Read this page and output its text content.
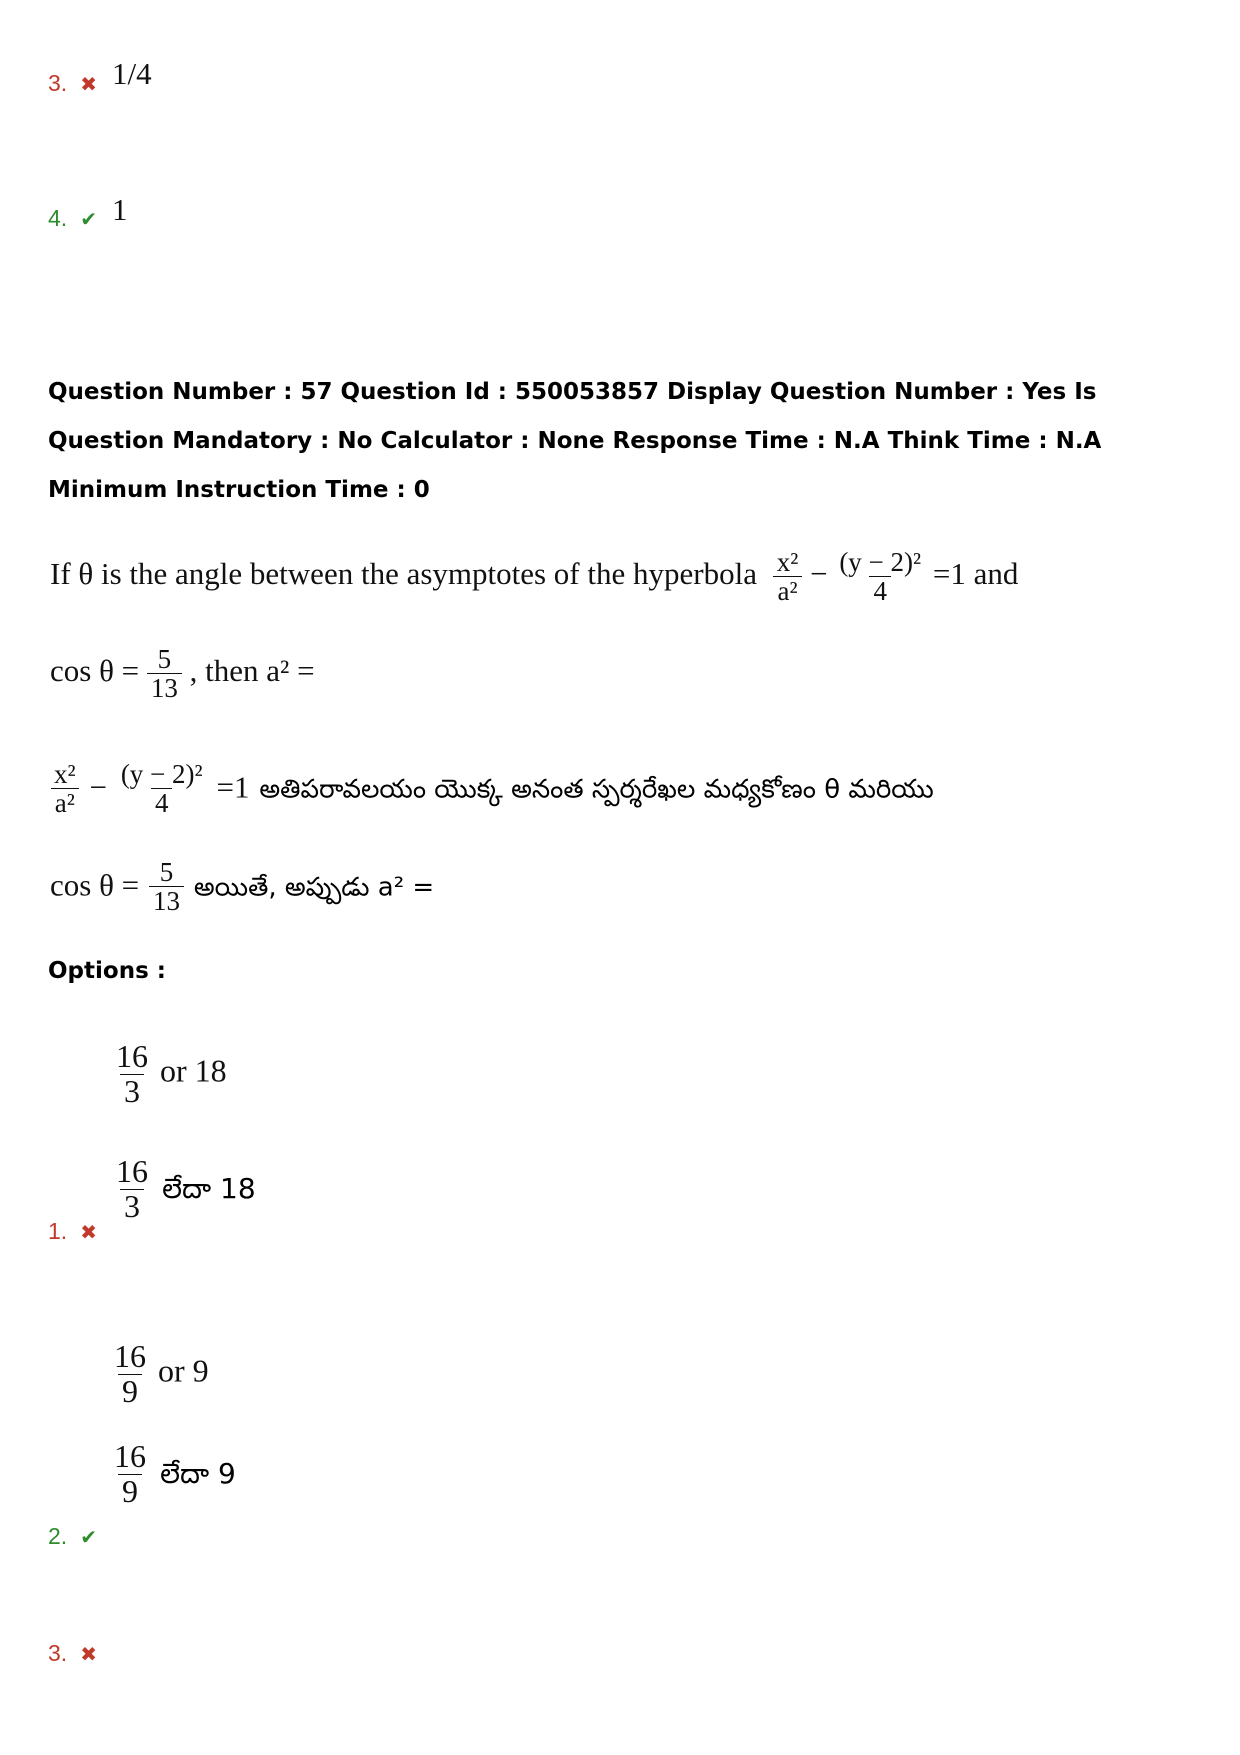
3. ✖ 1/4
4. ✔ 1
Question Number : 57 Question Id : 550053857 Display Question Number : Yes Is Question Mandatory : No Calculator : None Response Time : N.A Think Time : N.A Minimum Instruction Time : 0
If θ is the angle between the asymptotes of the hyperbola $\frac{\text{x²}}{\text{a²}} - \frac{\text{(y − 2)²}}{4} =1$ and
$\cos \theta = \frac{5}{13}$ , then a² =
$\frac{\text{x²}}{\text{a²}} - \frac{\text{(y − 2)²}}{4} =1$ అతిపరావలయం యొక్క అనంత స్పర్శరేఖల మధ్యకోణం θ మరియు
$\cos \theta = \frac{5}{13}$ అయితే, అప్పుడు a² =
Options :
$\frac{16}{3}$ or 18
$\frac{16}{3}$ లేదా 18
1. ✖
$\frac{16}{9}$ or 9
$\frac{16}{9}$ లేదా 9
2. ✔
3. ✖
